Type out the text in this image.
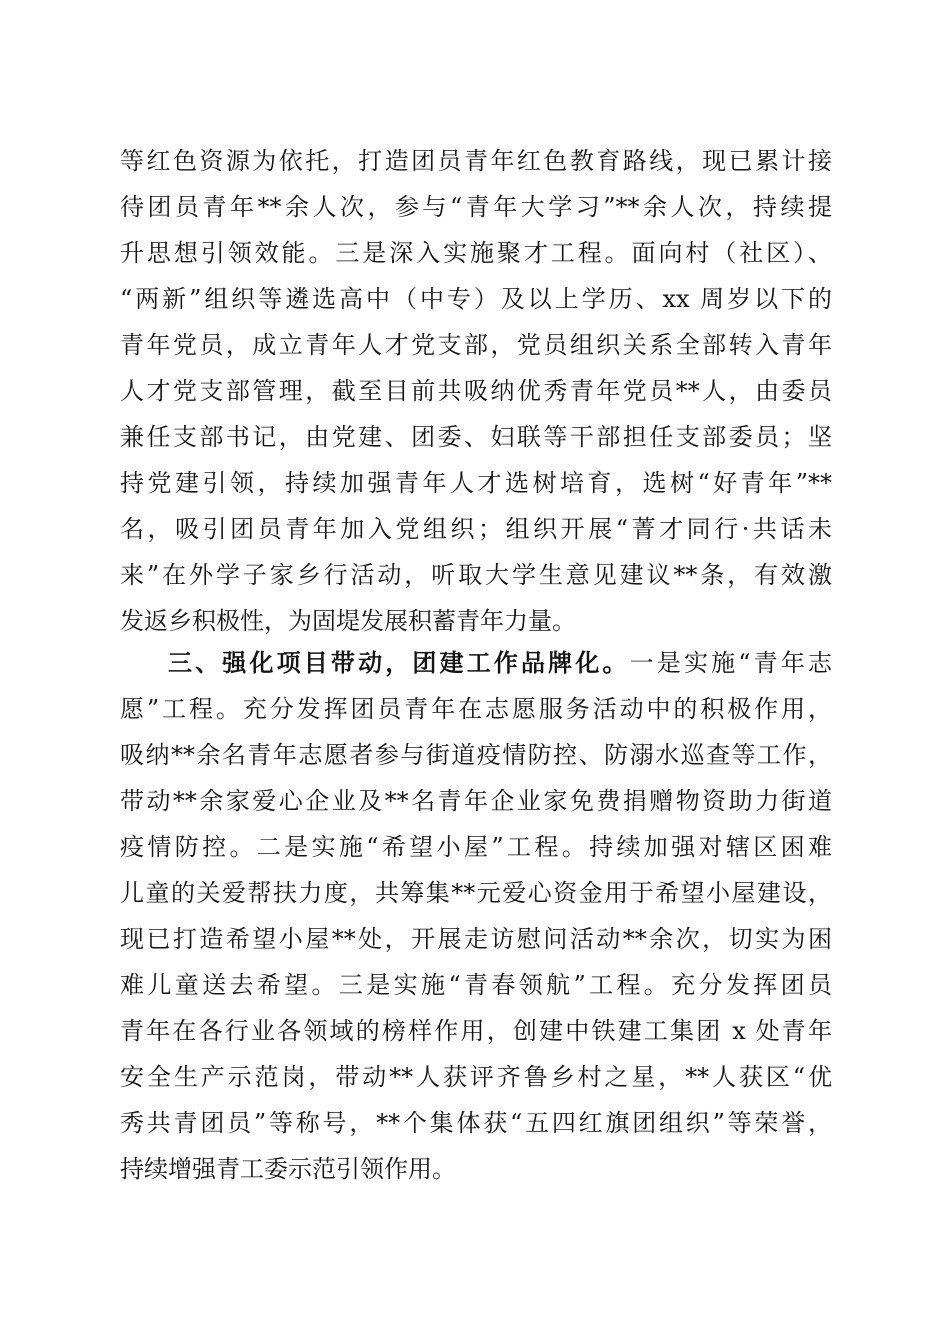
等红色资源为依托，打造团员青年红色教育路线，现已累计接
待团员青年**余人次，参与“青年大学习”**余人次，持续提
升思想引领效能。三是深入实施聚才工程。面向村（社区）、
“两新”组织等遴选高中（中专）及以上学历、xx 周岁以下的
青年党员，成立青年人才党支部，党员组织关系全部转入青年
人才党支部管理，截至目前共吸纳优秀青年党员**人，由委员
兼任支部书记，由党建、团委、妇联等干部担任支部委员；坚
持党建引领，持续加强青年人才选树培育，选树“好青年”**
名，吸引团员青年加入党组织；组织开展“菁才同行·共话未
来”在外学子家乡行活动，听取大学生意见建议**条，有效激
发返乡积极性，为固堤发展积蓄青年力量。
三、强化项目带动，团建工作品牌化。一是实施“青年志
愿”工程。充分发挥团员青年在志愿服务活动中的积极作用，
吸纳**余名青年志愿者参与街道疫情防控、防溺水巡查等工作，
带动**余家爱心企业及**名青年企业家免费捐赠物资助力街道
疫情防控。二是实施“希望小屋”工程。持续加强对辖区困难
儿童的关爱帮扶力度，共筹集**元爱心资金用于希望小屋建设，
现已打造希望小屋**处，开展走访慰问活动**余次，切实为困
难儿童送去希望。三是实施“青春领航”工程。充分发挥团员
青年在各行业各领域的榜样作用，创建中铁建工集团 x 处青年
安全生产示范岗，带动**人获评齐鲁乡村之星，**人获区“优
秀共青团员”等称号，**个集体获“五四红旗团组织”等荣誉，
持续增强青工委示范引领作用。
